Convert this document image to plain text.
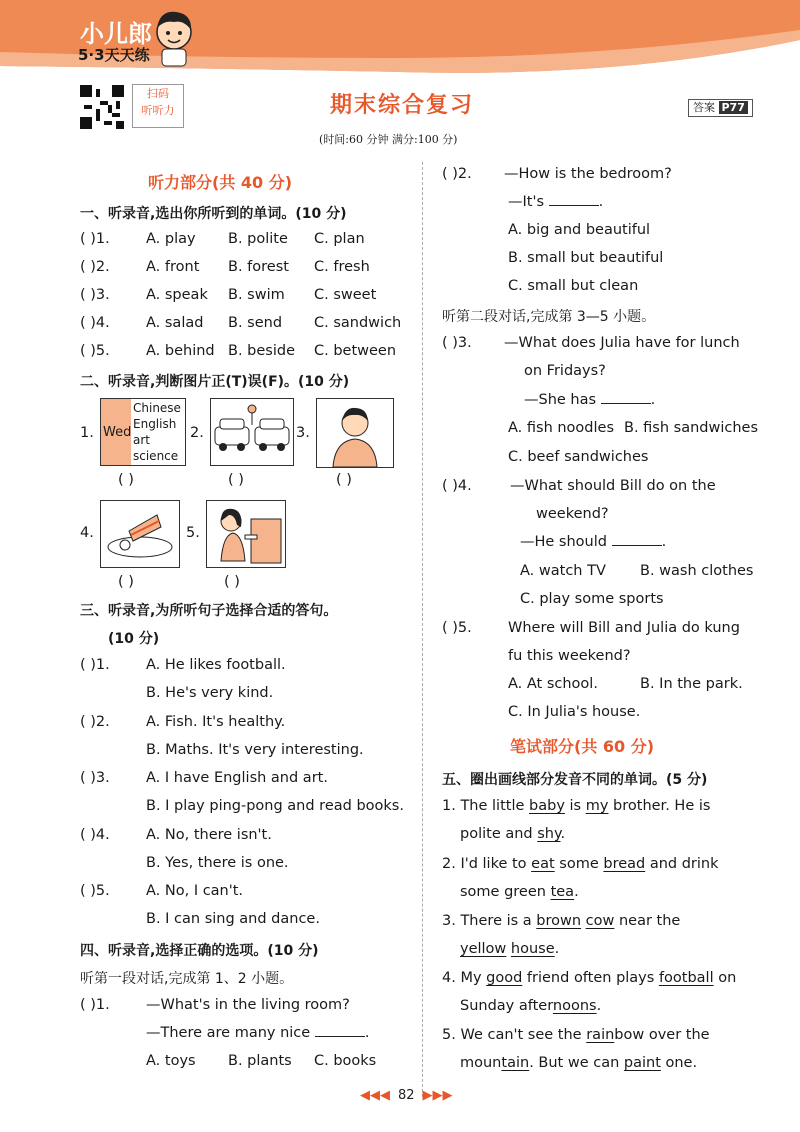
小儿郎
5·3天天练
扫码
听听力	期末综合复习	答案 P77
(时间:60 分钟 满分:100 分)
听力部分(共 40 分)
一、听录音,选出你所听到的单词。(10 分)
( )1. A. play B. polite C. plan
( )2. A. front B. forest C. fresh
( )3. A. speak B. swim C. sweet
( )4. A. salad B. send C. sandwich
( )5. A. behind B. beside C. between
二、听录音,判断图片正(T)误(F)。(10 分)
1. Wed
Chinese
English
art
science
2.	3.
( )	( )	( )
4.	5.
( )	( )
三、听录音,为所听句子选择合适的答句。
(10 分)
( )1. A. He likes football.
B. He's very kind.
( )2. A. Fish. It's healthy.
B. Maths. It's very interesting.
( )3. A. I have English and art.
B. I play ping-pong and read books.
( )4. A. No, there isn't.
B. Yes, there is one.
( )5. A. No, I can't.
B. I can sing and dance.
四、听录音,选择正确的选项。(10 分)
听第一段对话,完成第 1、2 小题。
( )1. —What's in the living room?
—There are many nice	.
A. toys B. plants C. books
( )2. —How is the bedroom?
—It's	.
A. big and beautiful
B. small but beautiful
C. small but clean
听第二段对话,完成第 3—5 小题。
( )3. —What does Julia have for lunch
on Fridays?
—She has	.
A. fish noodles B. fish sandwiches
C. beef sandwiches
( )4.	—What should Bill do on the
weekend?
—He should	.
A. watch TV B. wash clothes
C. play some sports
( )5. Where will Bill and Julia do kung
fu this weekend?
A. At school.	B. In the park.
C. In Julia's house.
笔试部分(共 60 分)
五、圈出画线部分发音不同的单词。(5 分)
1. The little baby is my brother. He is
polite and shy.
2. I'd like to eat some bread and drink
some green tea.
3. There is a brown cow near the
yellow house.
4. My good friend often plays football on
Sunday afternoons.
5. We can't see the rainbow over the
mountain. But we can paint one.
◀◀◀ 82 ▶▶▶
